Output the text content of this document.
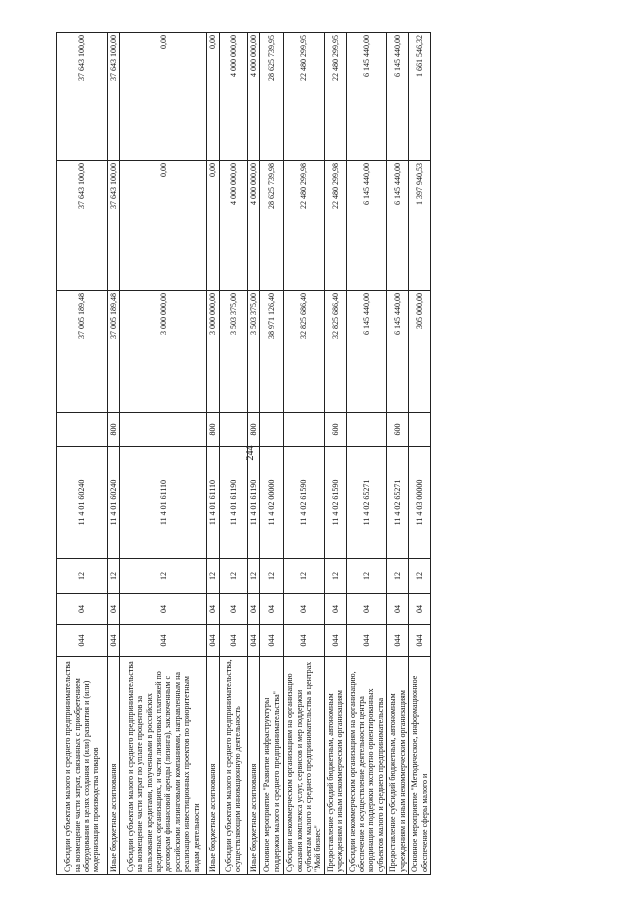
244
Субсидии субъектам малого и среднего предпринимательства на возмещение части затрат, связанных с приобретением оборудования в целях создания и (или) развития и (или) модернизации производства товаров	044	04	12	11 4 01 60240		37 005 189,48	37 643 100,00	37 643 100,00
Иные бюджетные ассигнования	044	04	12	11 4 01 60240	800	37 005 189,48	37 643 100,00	37 643 100,00
Субсидии субъектам малого и среднего предпринимательства на возмещение части затрат по уплате процентов за пользование кредитами, полученными в российских кредитных организациях, и части лизинговых платежей по договорам финансовой аренды (лизинга), заключенным с российскими лизинговыми компаниями, направленным на реализацию инвестиционных проектов по приоритетным видам деятельности	044	04	12	11 4 01 61110		3 000 000,00	0,00	0,00
Иные бюджетные ассигнования	044	04	12	11 4 01 61110	800	3 000 000,00	0,00	0,00
Субсидии субъектам малого и среднего предпринимательства, осуществляющим инновационную деятельность	044	04	12	11 4 01 61190		3 503 375,00	4 000 000,00	4 000 000,00
Иные бюджетные ассигнования	044	04	12	11 4 01 61190	800	3 503 375,00	4 000 000,00	4 000 000,00
Основное мероприятие "Развитие инфраструктуры поддержки малого и среднего предпринимательства"	044	04	12	11 4 02 00000		38 971 126,40	28 625 739,98	28 625 739,95
Субсидии некоммерческим организациям на организацию оказания комплекса услуг, сервисов и мер поддержки субъектам малого и среднего предпринимательства в центрах "Мой бизнес"	044	04	12	11 4 02 61590		32 825 686,40	22 480 299,98	22 480 299,95
Предоставление субсидий бюджетным, автономным учреждениям и иным некоммерческим организациям	044	04	12	11 4 02 61590	600	32 825 686,40	22 480 299,98	22 480 299,95
Субсидии некоммерческим организациям на организацию, обеспечение и осуществление деятельности центра координации поддержки экспортно ориентированных субъектов малого и среднего предпринимательства	044	04	12	11 4 02 65271		6 145 440,00	6 145 440,00	6 145 440,00
Предоставление субсидий бюджетным, автономным учреждениям и иным некоммерческим организациям	044	04	12	11 4 02 65271	600	6 145 440,00	6 145 440,00	6 145 440,00
Основное мероприятие "Методическое, информационное обеспечение сферы малого и	044	04	12	11 4 03 00000		305 000,00	1 397 940,53	1 661 546,32
